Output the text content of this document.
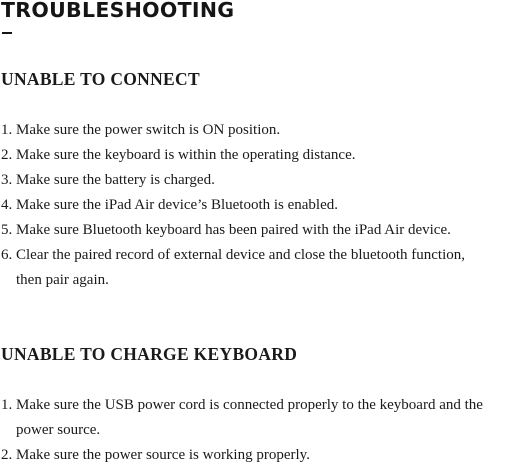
TROUBLESHOOTING
UNABLE TO CONNECT
1. Make sure the power switch is ON position.
2. Make sure the keyboard is within the operating distance.
3. Make sure the battery is charged.
4. Make sure the iPad Air device’s Bluetooth is enabled.
5. Make sure Bluetooth keyboard has been paired with the iPad Air device.
6. Clear the paired record of external device and close the bluetooth function, then pair again.
UNABLE TO CHARGE KEYBOARD
1. Make sure the USB power cord is connected properly to the keyboard and the power source.
2. Make sure the power source is working properly.
